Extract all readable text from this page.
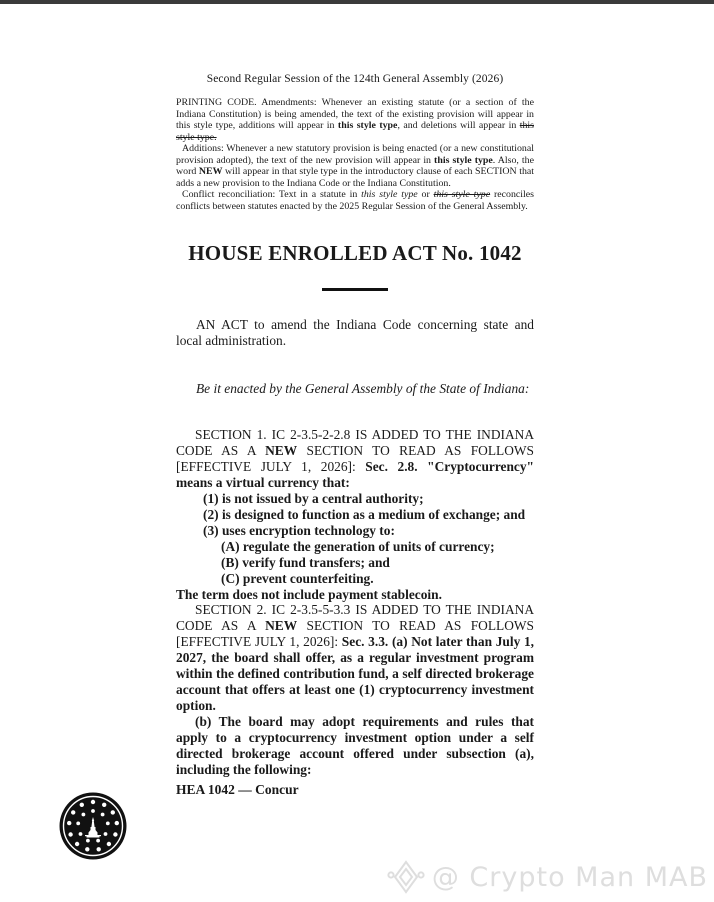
Second Regular Session of the 124th General Assembly (2026)

PRINTING CODE. Amendments: Whenever an existing statute (or a section of the Indiana Constitution) is being amended, the text of the existing provision will appear in this style type, additions will appear in this style type, and deletions will appear in this style type.

Additions: Whenever a new statutory provision is being enacted (or a new constitutional provision adopted), the text of the new provision will appear in this style type. Also, the word NEW will appear in that style type in the introductory clause of each SECTION that adds a new provision to the Indiana Code or the Indiana Constitution.

Conflict reconciliation: Text in a statute in this style type or this style type reconciles conflicts between statutes enacted by the 2025 Regular Session of the General Assembly.

HOUSE ENROLLED ACT No. 1042
AN ACT to amend the Indiana Code concerning state and local administration.
Be it enacted by the General Assembly of the State of Indiana:

SECTION 1. IC 2-3.5-2-2.8 IS ADDED TO THE INDIANA CODE AS A NEW SECTION TO READ AS FOLLOWS [EFFECTIVE JULY 1, 2026]: Sec. 2.8. "Cryptocurrency" means a virtual currency that:

(1) is not issued by a central authority;

(2) is designed to function as a medium of exchange; and

(3) uses encryption technology to:

(A) regulate the generation of units of currency;

(B) verify fund transfers; and

(C) prevent counterfeiting.

The term does not include payment stablecoin.

SECTION 2. IC 2-3.5-5-3.3 IS ADDED TO THE INDIANA CODE AS A NEW SECTION TO READ AS FOLLOWS [EFFECTIVE JULY 1, 2026]: Sec. 3.3. (a) Not later than July 1, 2027, the board shall offer, as a regular investment program within the defined contribution fund, a self directed brokerage account that offers at least one (1) cryptocurrency investment option.

(b) The board may adopt requirements and rules that apply to a cryptocurrency investment option under a self directed brokerage account offered under subsection (a), including the following:

HEA 1042 — Concur
@ Crypto Man MAB
